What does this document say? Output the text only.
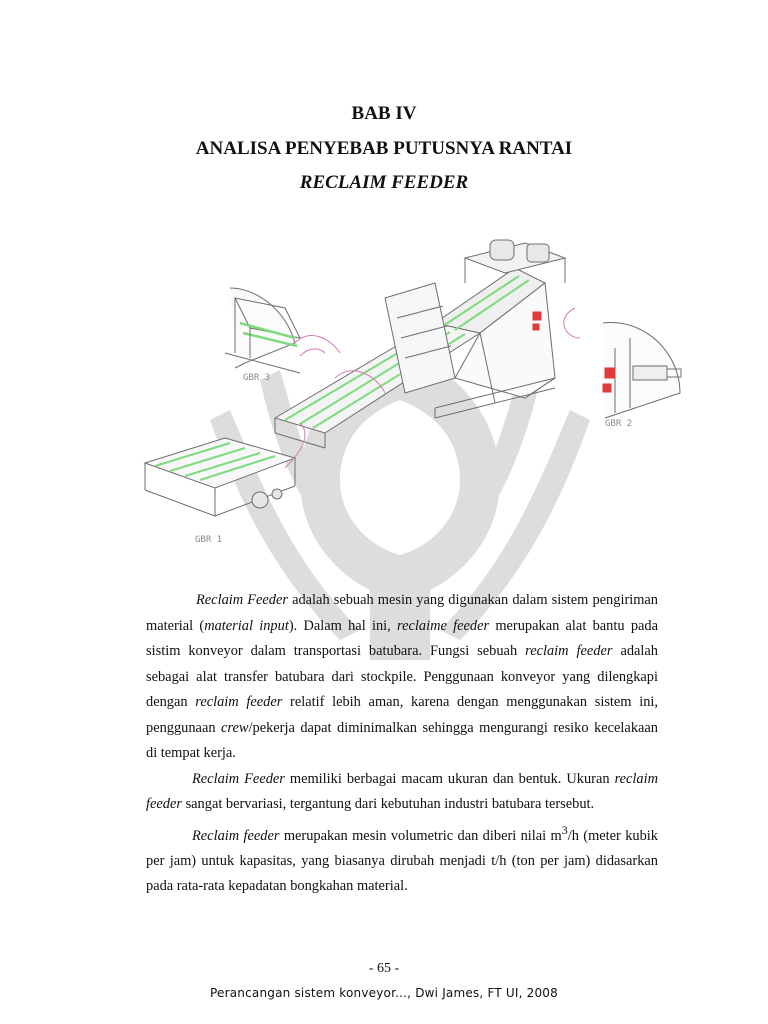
BAB IV
ANALISA PENYEBAB PUTUSNYA RANTAI
RECLAIM FEEDER
GBR 3
GBR 2
GBR 1

Reclaim Feeder adalah sebuah mesin yang digunakan dalam sistem pengiriman material (material input). Dalam hal ini, reclaime feeder merupakan alat bantu pada sistim konveyor dalam transportasi batubara. Fungsi sebuah reclaim feeder adalah sebagai alat transfer batubara dari stockpile. Penggunaan konveyor yang dilengkapi dengan reclaim feeder relatif lebih aman, karena dengan menggunakan sistem ini, penggunaan crew/pekerja dapat diminimalkan sehingga mengurangi resiko kecelakaan di tempat kerja.

Reclaim Feeder memiliki berbagai macam ukuran dan bentuk. Ukuran reclaim feeder sangat bervariasi, tergantung dari kebutuhan industri batubara tersebut.

Reclaim feeder merupakan mesin volumetric dan diberi nilai $m^3/h$ (meter kubik per jam) untuk kapasitas, yang biasanya dirubah menjadi t/h (ton per jam) didasarkan pada rata-rata kepadatan bongkahan material.

- 65 -
Perancangan sistem konveyor..., Dwi James, FT UI, 2008
